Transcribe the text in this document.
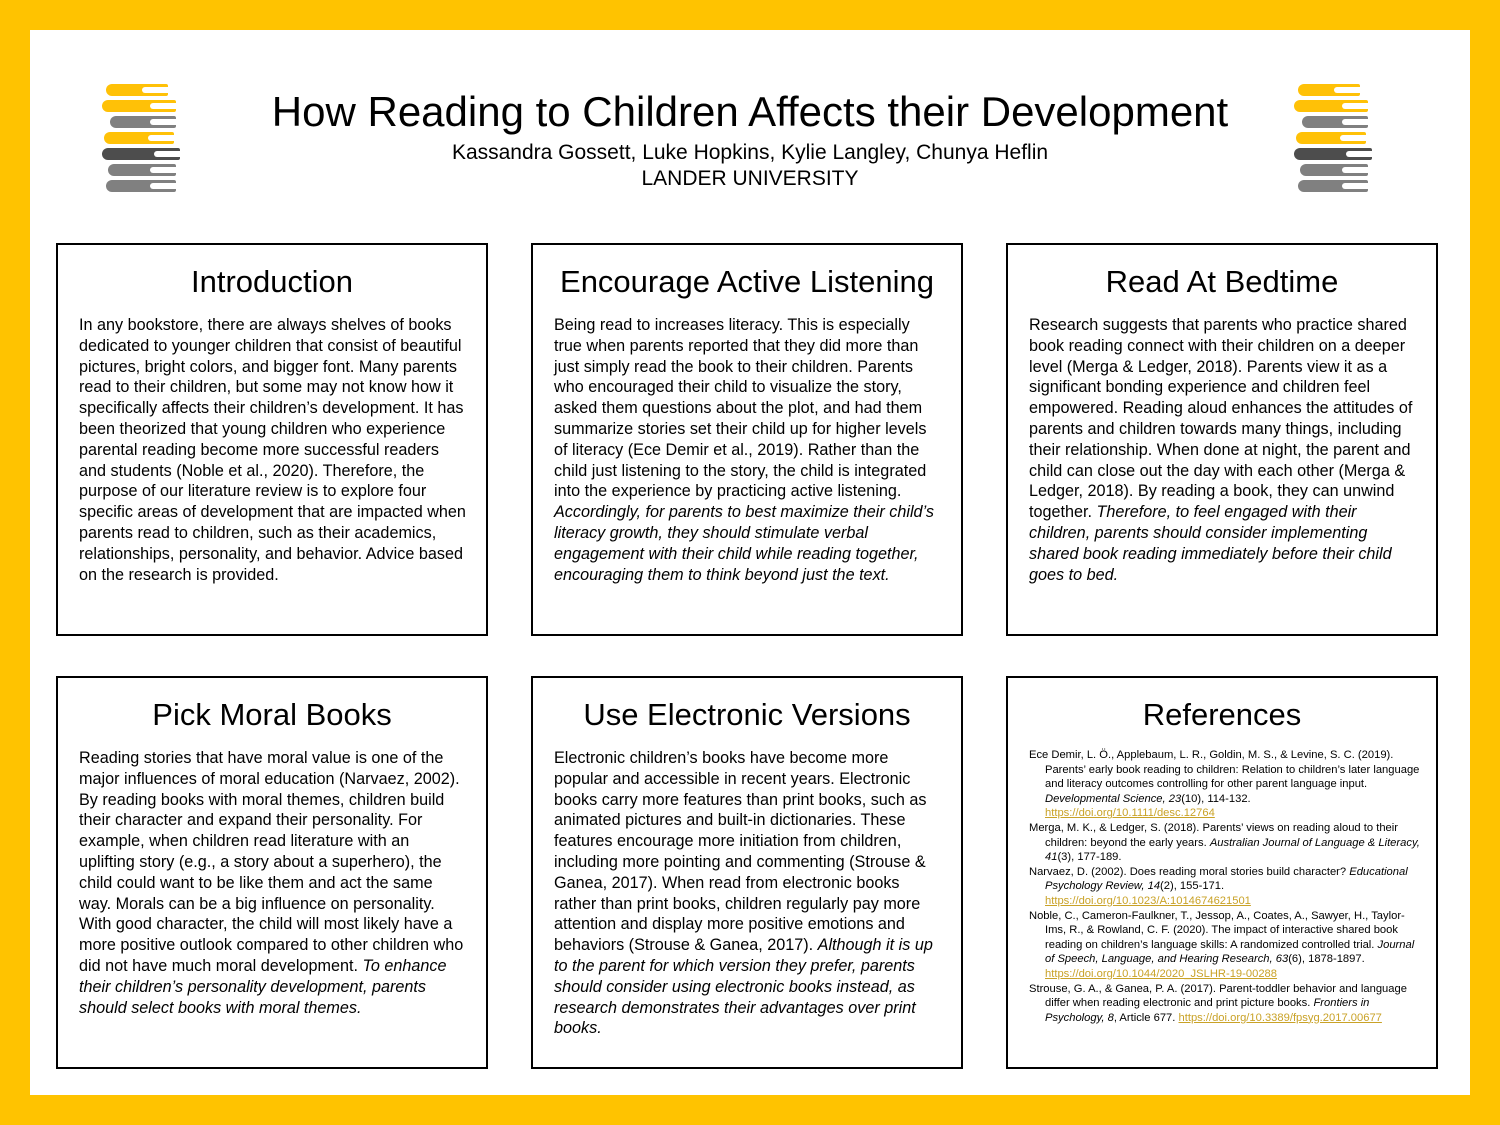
How Reading to Children Affects their Development
Kassandra Gossett, Luke Hopkins, Kylie Langley, Chunya Heflin
LANDER UNIVERSITY
Introduction
In any bookstore, there are always shelves of books dedicated to younger children that consist of beautiful pictures, bright colors, and bigger font. Many parents read to their children, but some may not know how it specifically affects their children’s development. It has been theorized that young children who experience parental reading become more successful readers and students (Noble et al., 2020). Therefore, the purpose of our literature review is to explore four specific areas of development that are impacted when parents read to children, such as their academics, relationships, personality, and behavior. Advice based on the research is provided.
Encourage Active Listening
Being read to increases literacy. This is especially true when parents reported that they did more than just simply read the book to their children. Parents who encouraged their child to visualize the story, asked them questions about the plot, and had them summarize stories set their child up for higher levels of literacy (Ece Demir et al., 2019). Rather than the child just listening to the story, the child is integrated into the experience by practicing active listening. Accordingly, for parents to best maximize their child’s literacy growth, they should stimulate verbal engagement with their child while reading together, encouraging them to think beyond just the text.
Read At Bedtime
Research suggests that parents who practice shared book reading connect with their children on a deeper level (Merga & Ledger, 2018). Parents view it as a significant bonding experience and children feel empowered. Reading aloud enhances the attitudes of parents and children towards many things, including their relationship. When done at night, the parent and child can close out the day with each other (Merga & Ledger, 2018). By reading a book, they can unwind together. Therefore, to feel engaged with their children, parents should consider implementing shared book reading immediately before their child goes to bed.
Pick Moral Books
Reading stories that have moral value is one of the major influences of moral education (Narvaez, 2002). By reading books with moral themes, children build their character and expand their personality. For example, when children read literature with an uplifting story (e.g., a story about a superhero), the child could want to be like them and act the same way. Morals can be a big influence on personality. With good character, the child will most likely have a more positive outlook compared to other children who did not have much moral development. To enhance their children’s personality development, parents should select books with moral themes.
Use Electronic Versions
Electronic children’s books have become more popular and accessible in recent years. Electronic books carry more features than print books, such as animated pictures and built-in dictionaries. These features encourage more initiation from children, including more pointing and commenting (Strouse & Ganea, 2017). When read from electronic books rather than print books, children regularly pay more attention and display more positive emotions and behaviors (Strouse & Ganea, 2017). Although it is up to the parent for which version they prefer, parents should consider using electronic books instead, as research demonstrates their advantages over print books.
References
Ece Demir, L. Ö., Applebaum, L. R., Goldin, M. S., & Levine, S. C. (2019). Parents’ early book reading to children: Relation to children’s later language and literacy outcomes controlling for other parent language input. Developmental Science, 23(10), 114-132. https://doi.org/10.1111/desc.12764
Merga, M. K., & Ledger, S. (2018). Parents’ views on reading aloud to their children: beyond the early years. Australian Journal of Language & Literacy, 41(3), 177-189.
Narvaez, D. (2002). Does reading moral stories build character? Educational Psychology Review, 14(2), 155-171. https://doi.org/10.1023/A:1014674621501
Noble, C., Cameron-Faulkner, T., Jessop, A., Coates, A., Sawyer, H., Taylor-Ims, R., & Rowland, C. F. (2020). The impact of interactive shared book reading on children’s language skills: A randomized controlled trial. Journal of Speech, Language, and Hearing Research, 63(6), 1878-1897. https://doi.org/10.1044/2020_JSLHR-19-00288
Strouse, G. A., & Ganea, P. A. (2017). Parent-toddler behavior and language differ when reading electronic and print picture books. Frontiers in Psychology, 8, Article 677. https://doi.org/10.3389/fpsyg.2017.00677
